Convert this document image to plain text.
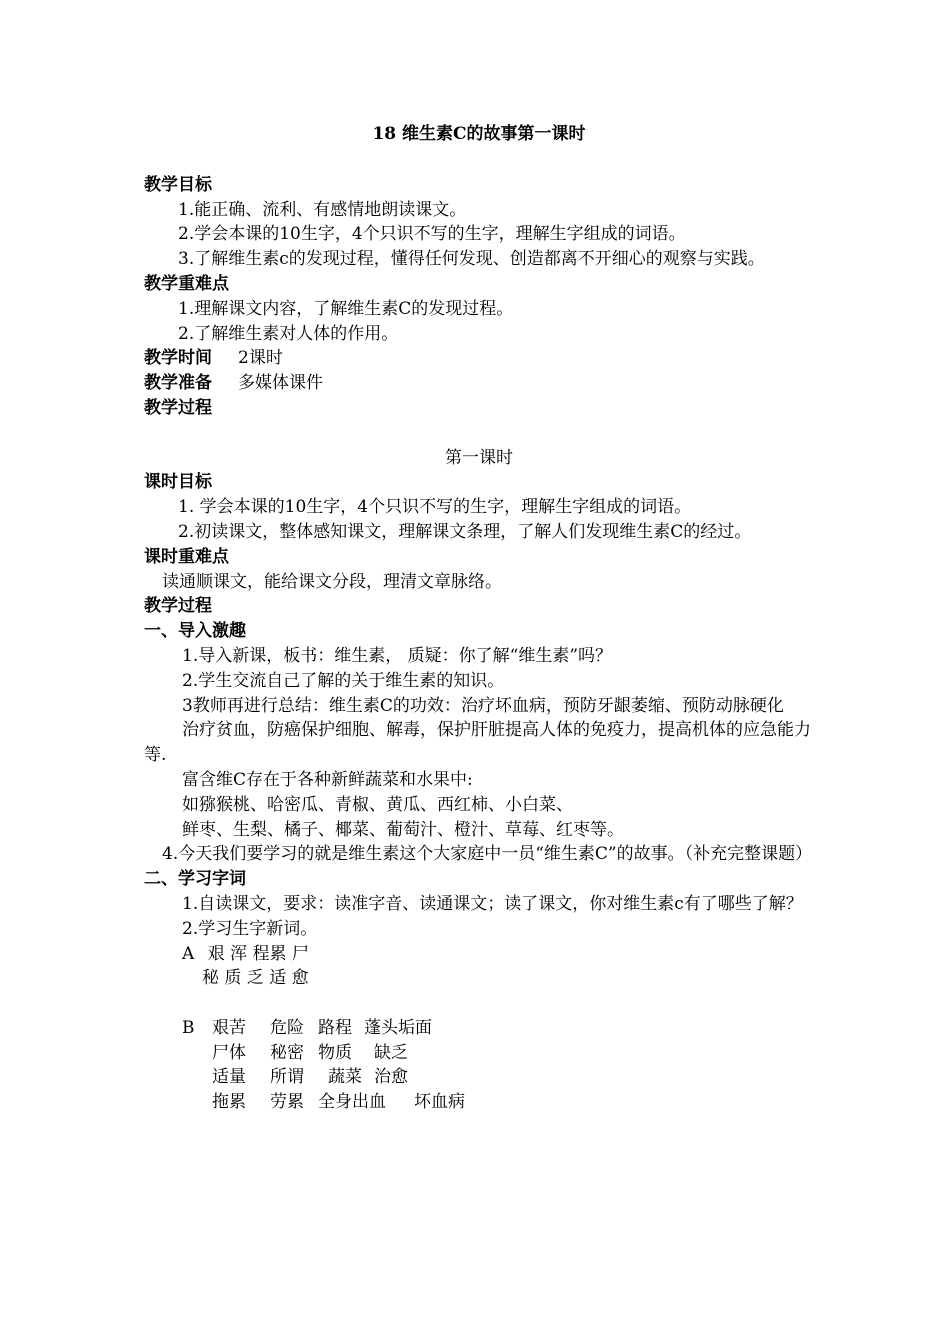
18 维生素C的故事第一课时
教学目标
1.能正确、流利、有感情地朗读课文。
2.学会本课的10生字，4个只识不写的生字，理解生字组成的词语。
3.了解维生素c的发现过程，懂得任何发现、创造都离不开细心的观察与实践。
教学重难点
1.理解课文内容，了解维生素C的发现过程。
2.了解维生素对人体的作用。
教学时间 2课时
教学准备 多媒体课件
教学过程
第一课时
课时目标
1. 学会本课的10生字，4个只识不写的生字，理解生字组成的词语。
2.初读课文，整体感知课文，理解课文条理，了解人们发现维生素C的经过。
课时重难点
读通顺课文，能给课文分段，理清文章脉络。
教学过程
一、导入激趣
1.导入新课，板书：维生素， 质疑：你了解“维生素”吗？
2.学生交流自己了解的关于维生素的知识。
3教师再进行总结：维生素C的功效：治疗坏血病，预防牙龈萎缩、预防动脉硬化
治疗贫血，防癌保护细胞、解毒，保护肝脏提高人体的免疫力，提高机体的应急能力等.
富含维C存在于各种新鲜蔬菜和水果中:
如猕猴桃、哈密瓜、青椒、黄瓜、西红柿、小白菜、
鲜枣、生梨、橘子、椰菜、葡萄汁、橙汁、草莓、红枣等。
4.今天我们要学习的就是维生素这个大家庭中一员“维生素C”的故事。（补充完整课题）
二、学习字词
1.自读课文，要求：读准字音、读通课文；读了课文，你对维生素c有了哪些了解？
2.学习生字新词。
A 艰 浑 程累 尸
秘 质 乏 适 愈
B 艰苦 危险 路程 蓬头垢面
尸体 秘密 物质 缺乏
适量 所谓 蔬菜 治愈
拖累 劳累 全身出血 坏血病
